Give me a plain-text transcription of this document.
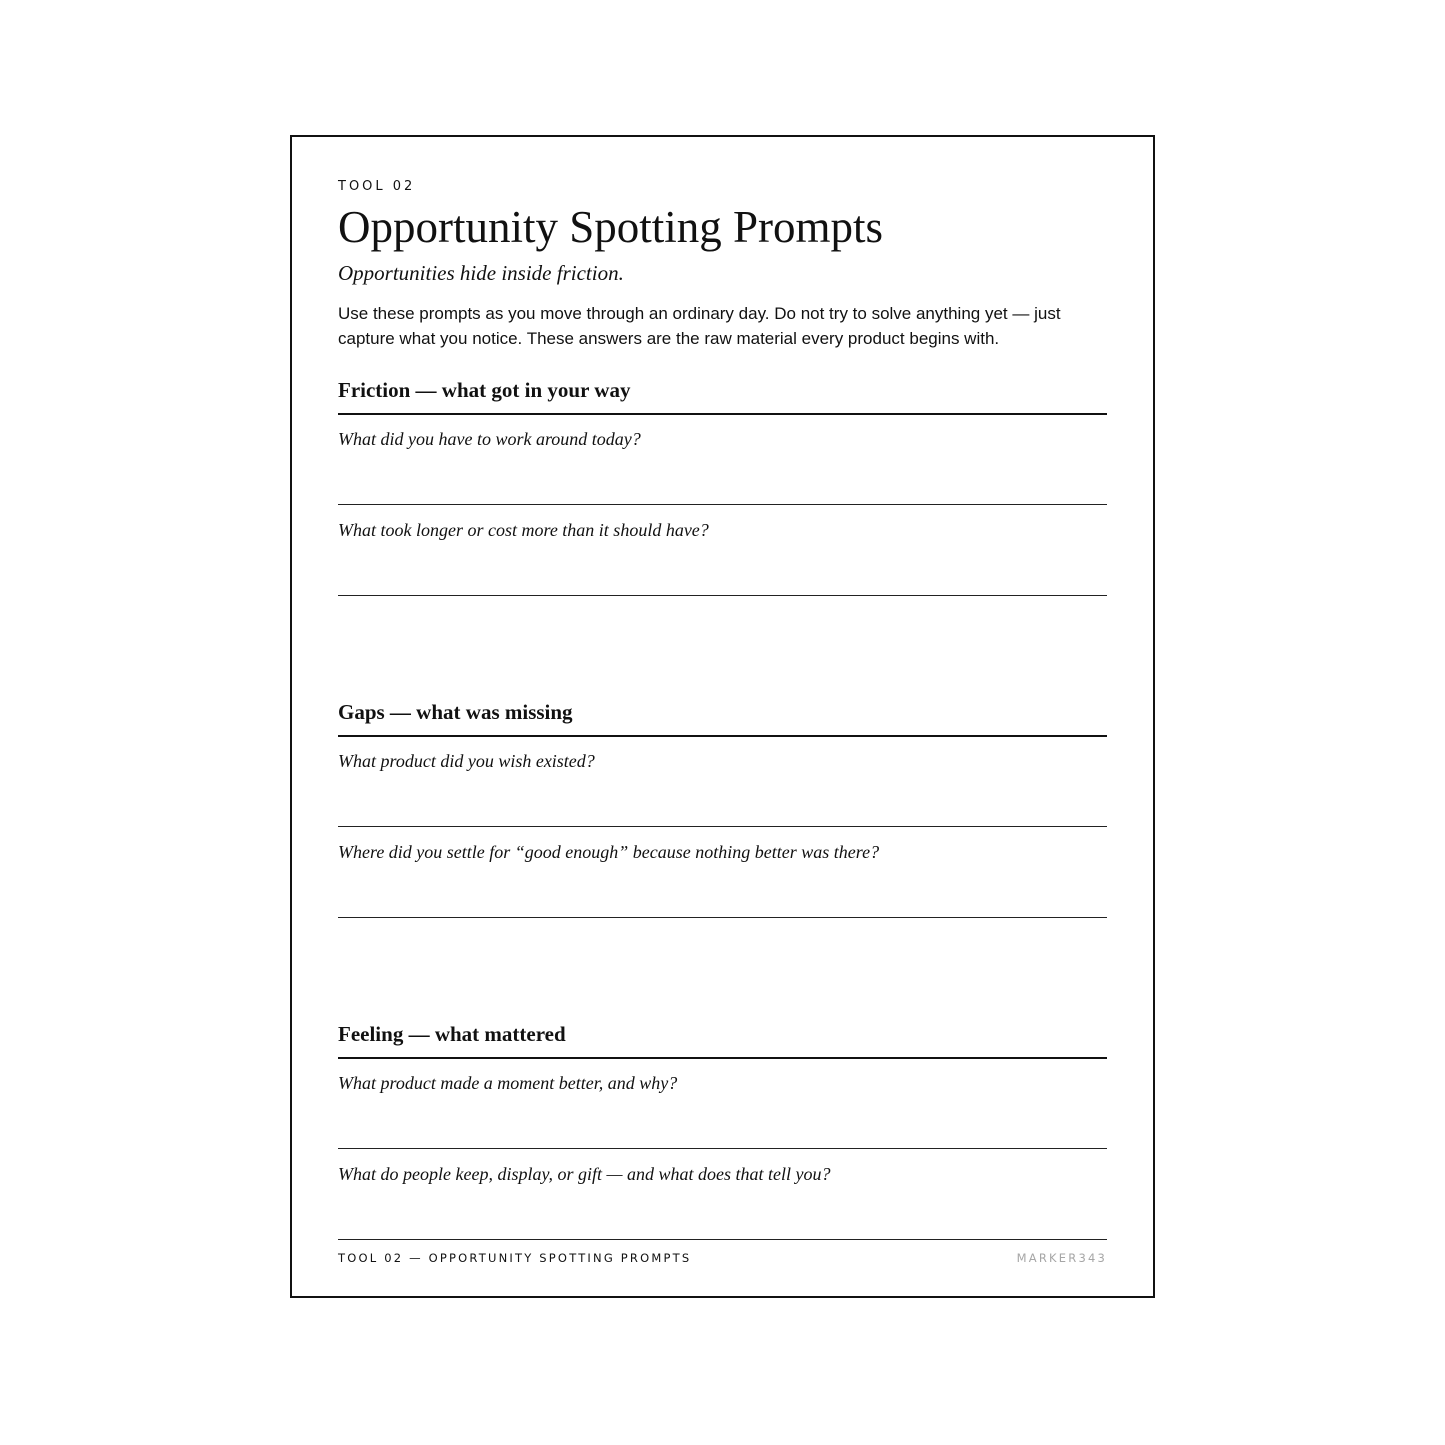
TOOL 02
Opportunity Spotting Prompts
Opportunities hide inside friction.
Use these prompts as you move through an ordinary day. Do not try to solve anything yet — just capture what you notice. These answers are the raw material every product begins with.
Friction — what got in your way
What did you have to work around today?
What took longer or cost more than it should have?
Gaps — what was missing
What product did you wish existed?
Where did you settle for “good enough” because nothing better was there?
Feeling — what mattered
What product made a moment better, and why?
What do people keep, display, or gift — and what does that tell you?
TOOL 02 — OPPORTUNITY SPOTTING PROMPTS	MARKER343
